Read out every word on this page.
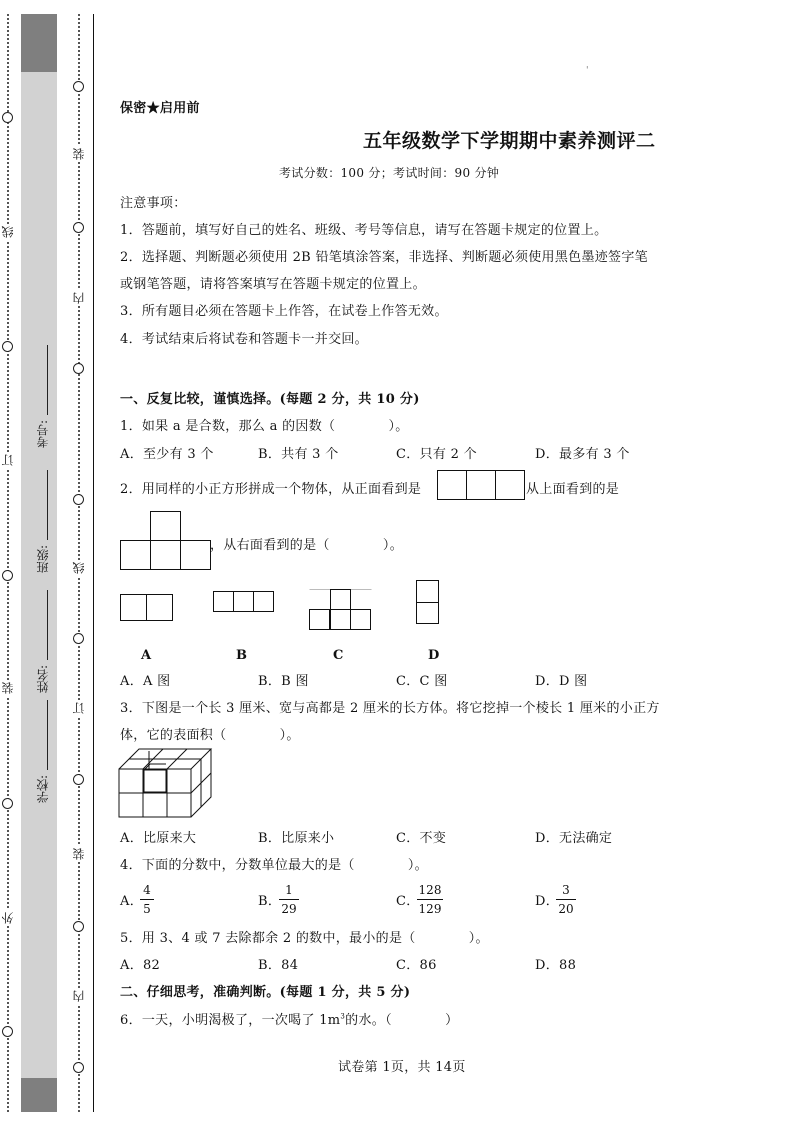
线
订
装
外
考号:
班级:
姓名:
学校:
装
内
线
订
装
内
'
保密★启用前
五年级数学下学期期中素养测评二
考试分数：100 分；考试时间：90 分钟
注意事项：
1．答题前，填写好自己的姓名、班级、考号等信息，请写在答题卡规定的位置上。
2．选择题、判断题必须使用 2B 铅笔填涂答案，非选择、判断题必须使用黑色墨迹签字笔
或钢笔答题，请将答案填写在答题卡规定的位置上。
3．所有题目必须在答题卡上作答，在试卷上作答无效。
4．考试结束后将试卷和答题卡一并交回。
一、反复比较，谨慎选择。(每题 2 分，共 10 分)
1．如果 a 是合数，那么 a 的因数（　　　　）。
A．至少有 3 个	B．共有 3 个	C．只有 2 个	D．最多有 3 个
2．用同样的小正方形拼成一个物体，从正面看到是	从上面看到的是
，从右面看到的是（　　　　）。
A	B	C	D
A．A 图	B．B 图	C．C 图	D．D 图
3．下图是一个长 3 厘米、宽与高都是 2 厘米的长方体。将它挖掉一个棱长 1 厘米的小正方
体，它的表面积（　　　　）。
A．比原来大	B．比原来小	C．不变	D．无法确定
4．下面的分数中，分数单位最大的是（　　　　）。
A．
4
5	B．
1
29	C．
128
129	D．
3
20
5．用 3、4 或 7 去除都余 2 的数中，最小的是（　　　　）。
A．82	B．84	C．86	D．88
二、仔细思考，准确判断。(每题 1 分，共 5 分)
6．一天，小明渴极了，一次喝了 $1m^3$的水。（　　　　）
试卷第 1页，共 14页
